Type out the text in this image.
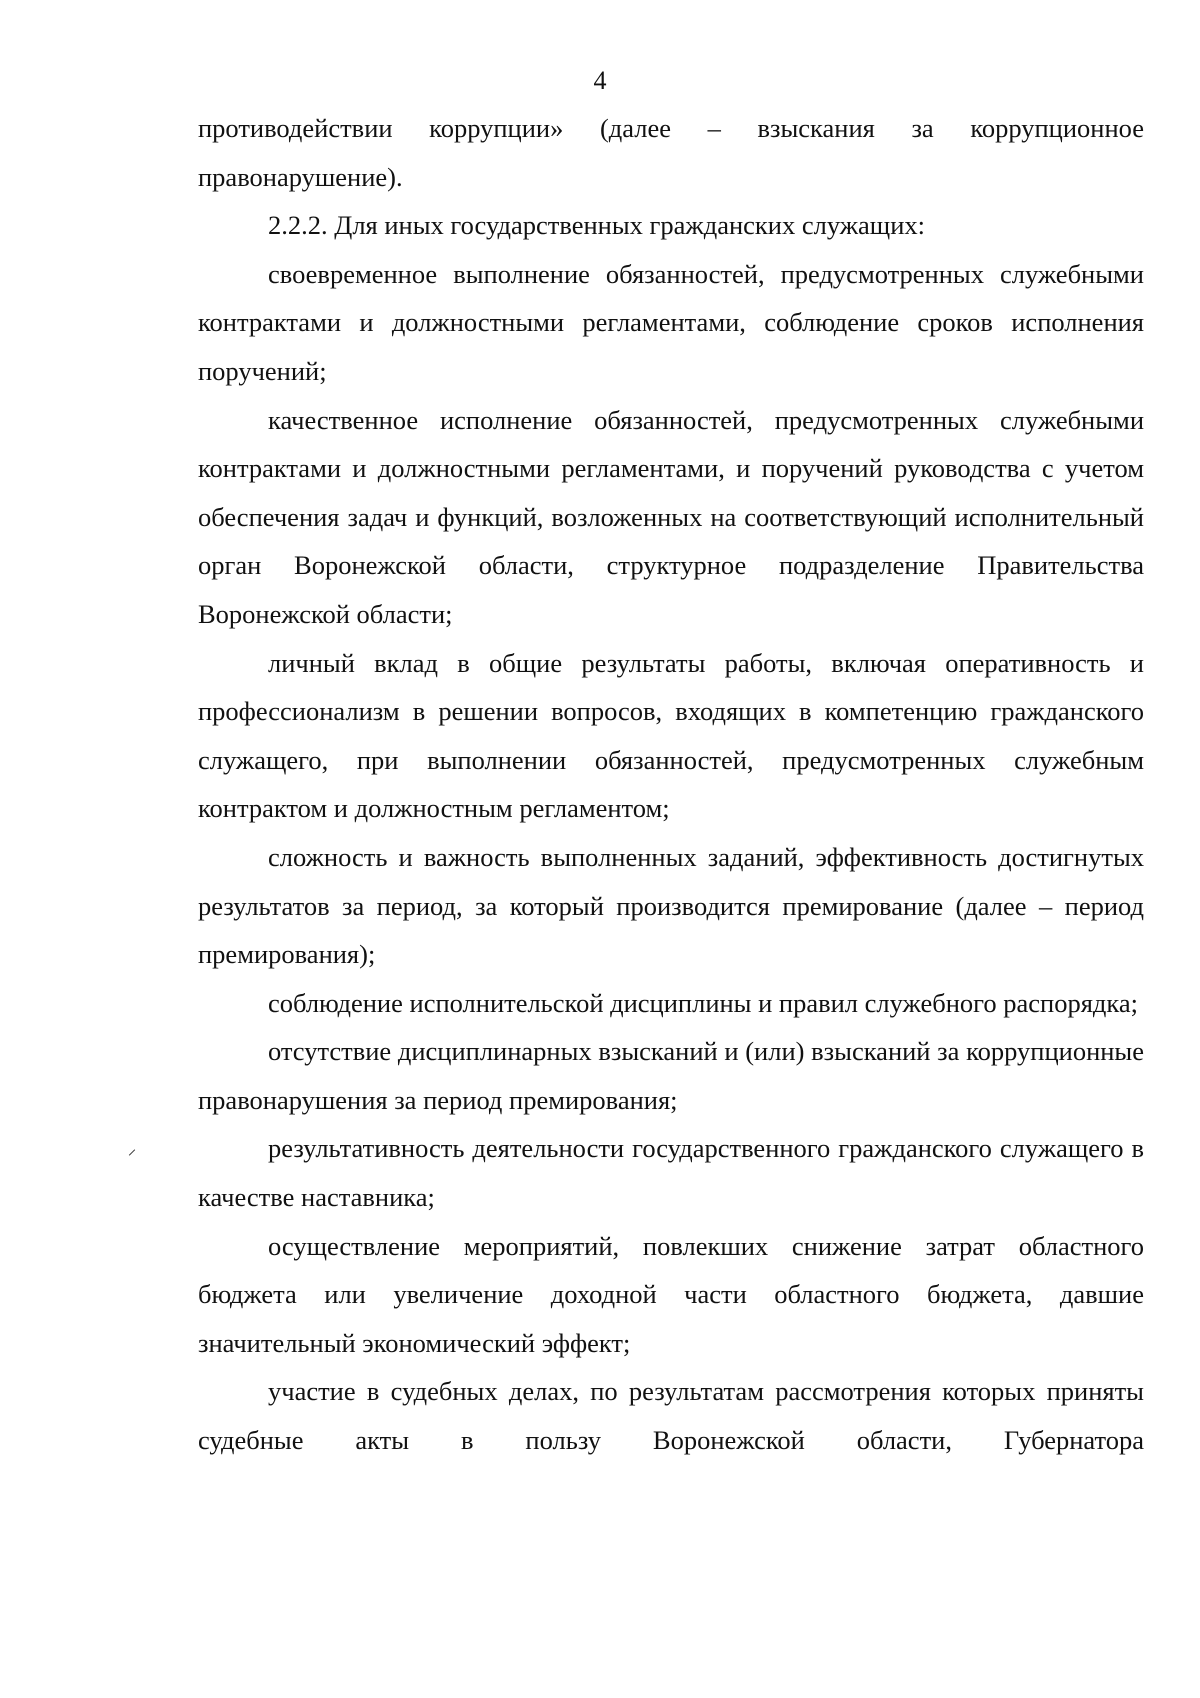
4

противодействии коррупции» (далее – взыскания за коррупционное правонарушение).

2.2.2. Для иных государственных гражданских служащих:

своевременное выполнение обязанностей, предусмотренных служебными контрактами и должностными регламентами, соблюдение сроков исполнения поручений;

качественное исполнение обязанностей, предусмотренных служебными контрактами и должностными регламентами, и поручений руководства с учетом обеспечения задач и функций, возложенных на соответствующий исполнительный орган Воронежской области, структурное подразделение Правительства Воронежской области;

личный вклад в общие результаты работы, включая оперативность и профессионализм в решении вопросов, входящих в компетенцию гражданского служащего, при выполнении обязанностей, предусмотренных служебным контрактом и должностным регламентом;

сложность и важность выполненных заданий, эффективность достигнутых результатов за период, за который производится премирование (далее – период премирования);

соблюдение исполнительской дисциплины и правил служебного распорядка;

отсутствие дисциплинарных взысканий и (или) взысканий за коррупционные правонарушения за период премирования;

результативность деятельности государственного гражданского служащего в качестве наставника;

осуществление мероприятий, повлекших снижение затрат областного бюджета или увеличение доходной части областного бюджета, давшие значительный экономический эффект;

участие в судебных делах, по результатам рассмотрения которых приняты судебные акты в пользу Воронежской области, Губернатора
